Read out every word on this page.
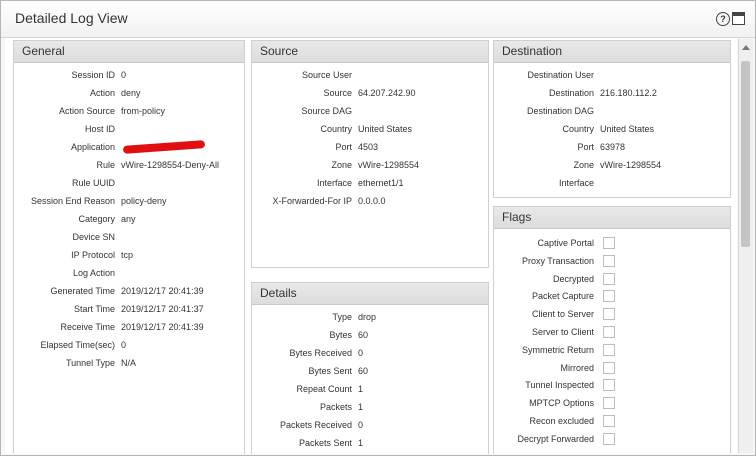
Detailed Log View	?
General
Session ID 0
Action deny
Action Source from-policy
Host ID
Application
Rule vWire-1298554-Deny-All
Rule UUID
Session End Reason policy-deny
Category any
Device SN
IP Protocol tcp
Log Action
Generated Time 2019/12/17 20:41:39
Start Time 2019/12/17 20:41:37
Receive Time 2019/12/17 20:41:39
Elapsed Time(sec) 0
Tunnel Type N/A
Source
Source User
Source 64.207.242.90
Source DAG
Country United States
Port 4503
Zone vWire-1298554
Interface ethernet1/1
X-Forwarded-For IP 0.0.0.0
Details
Type drop
Bytes 60
Bytes Received 0
Bytes Sent 60
Repeat Count 1
Packets 1
Packets Received 0
Packets Sent 1
Destination
Destination User
Destination 216.180.112.2
Destination DAG
Country United States
Port 63978
Zone vWire-1298554
Interface
Flags
Captive Portal
Proxy Transaction
Decrypted
Packet Capture
Client to Server
Server to Client
Symmetric Return
Mirrored
Tunnel Inspected
MPTCP Options
Recon excluded
Decrypt Forwarded
